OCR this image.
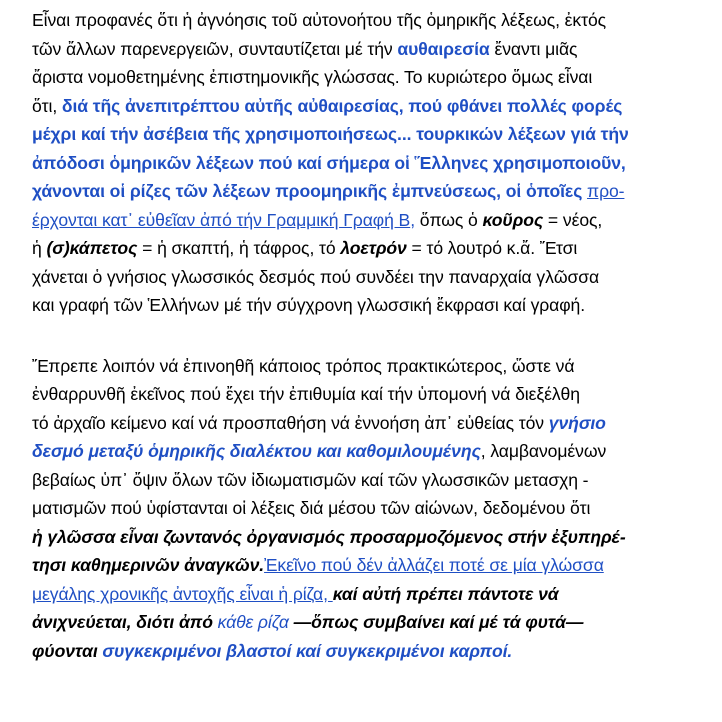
Εἶναι προφανές ὅτι ἡ ἀγνόησις τοῦ αὐτονοήτου τῆς ὁμηρικῆς λέξεως, ἐκτός
τῶν ἄλλων παρενεργειῶν, συνταυτίζεται μέ τήν αυθαιρεσία ἔναντι μιᾶς
ἄριστα νομοθετημένης ἐπιστημονικῆς γλώσσας. Το κυριώτερο ὅμως εἶναι
ὅτι, διά τῆς ἀνεπιτρέπτου αὐτῆς αὐθαιρεσίας, πού φθάνει πολλές φορές
μέχρι καί τήν ἀσέβεια τῆς χρησιμοποιήσεως... τουρκικών λέξεων γιά τήν
ἀπόδοσι ὁμηρικῶν λέξεων πού καί σήμερα οἱ Ἕλληνες χρησιμοποιοῦν,
χάνονται οἱ ρίζες τῶν λέξεων προομηρικῆς ἐμπνεύσεως, οἱ ὁποῖες προ-
έρχονται κατ᾽ εὐθεῖαν ἀπό τήν Γραμμική Γραφή Β, ὅπως ὁ κοῦρος = νέος,
ἡ (σ)κάπετος = ἡ σκαπτή, ἡ τάφρος, τό λοετρόν = τό λουτρό κ.ἄ. Ἔτσι
χάνεται ὁ γνήσιος γλωσσικός δεσμός πού συνδέει την παναρχαία γλῶσσα
και γραφή τῶν Ἑλλήνων μέ τήν σύγχρονη γλωσσική ἔκφρασι καί γραφή.
Ἔπρεπε λοιπόν νά ἐπινοηθῆ κάποιος τρόπος πρακτικώτερος, ὥστε νά
ἐνθαρρυνθῆ ἐκεῖνος πού ἔχει τήν ἐπιθυμία καί τήν ὑπομονή νά διεξέλθη
τό ἀρχαῖο κείμενο καί νά προσπαθήση νά ἐννοήση ἀπ᾽ εὐθείας τόν γνήσιο
δεσμό μεταξύ ὁμηρικῆς διαλέκτου και καθομιλουμένης, λαμβανομένων
βεβαίως ὑπ᾽ ὄψιν ὅλων τῶν ἰδιωματισμῶν καί τῶν γλωσσικῶν μετασχη -
ματισμῶν πού ὑφίστανται οἱ λέξεις διά μέσου τῶν αἰώνων, δεδομένου ὅτι
ἡ γλῶσσα εἶναι ζωντανός ὀργανισμός προσαρμοζόμενος στήν ἐξυπηρέ-
τησι καθημερινῶν ἀναγκῶν.Ἐκεῖνο πού δέν ἀλλάζει ποτέ σε μία γλώσσα
μεγάλης χρονικῆς ἀντοχῆς εἶναι ἡ ρίζα, καί αὐτή πρέπει πάντοτε νά
ἀνιχνεύεται, διότι ἀπό κάθε ρίζα —ὅπως συμβαίνει καί μέ τά φυτά—
φύονται συγκεκριμένοι βλαστοί καί συγκεκριμένοι καρποί.
